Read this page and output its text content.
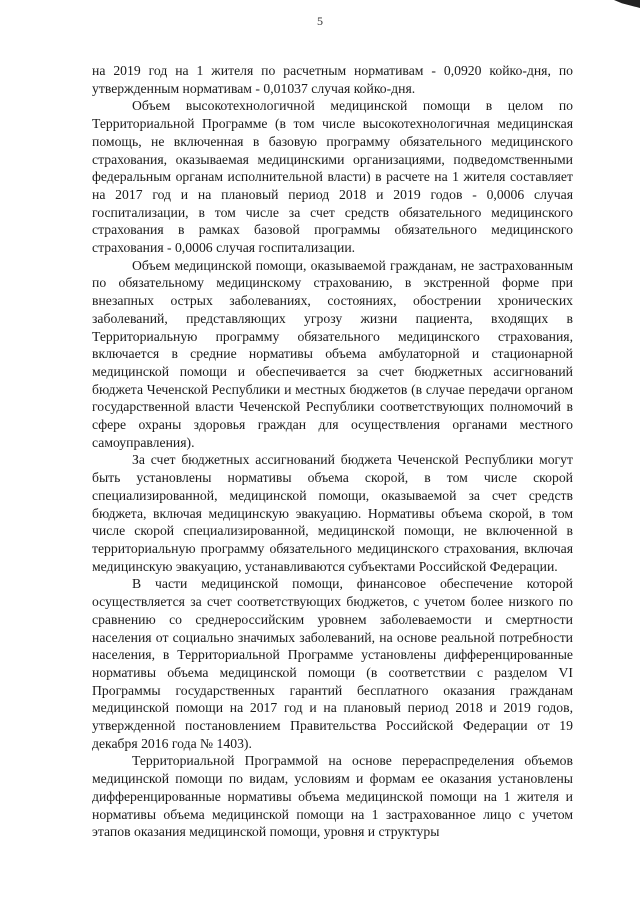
5

на 2019 год на 1 жителя по расчетным нормативам - 0,0920 койко-дня, по утвержденным нормативам - 0,01037 случая койко-дня.

Объем высокотехнологичной медицинской помощи в целом по Территориальной Программе (в том числе высокотехнологичная медицинская помощь, не включенная в базовую программу обязательного медицинского страхования, оказываемая медицинскими организациями, подведомственными федеральным органам исполнительной власти) в расчете на 1 жителя составляет на 2017 год и на плановый период 2018 и 2019 годов - 0,0006 случая госпитализации, в том числе за счет средств обязательного медицинского страхования в рамках базовой программы обязательного медицинского страхования - 0,0006 случая госпитализации.

Объем медицинской помощи, оказываемой гражданам, не застрахованным по обязательному медицинскому страхованию, в экстренной форме при внезапных острых заболеваниях, состояниях, обострении хронических заболеваний, представляющих угрозу жизни пациента, входящих в Территориальную программу обязательного медицинского страхования, включается в средние нормативы объема амбулаторной и стационарной медицинской помощи и обеспечивается за счет бюджетных ассигнований бюджета Чеченской Республики и местных бюджетов (в случае передачи органом государственной власти Чеченской Республики соответствующих полномочий в сфере охраны здоровья граждан для осуществления органами местного самоуправления).

За счет бюджетных ассигнований бюджета Чеченской Республики могут быть установлены нормативы объема скорой, в том числе скорой специализированной, медицинской помощи, оказываемой за счет средств бюджета, включая медицинскую эвакуацию. Нормативы объема скорой, в том числе скорой специализированной, медицинской помощи, не включенной в территориальную программу обязательного медицинского страхования, включая медицинскую эвакуацию, устанавливаются субъектами Российской Федерации.

В части медицинской помощи, финансовое обеспечение которой осуществляется за счет соответствующих бюджетов, с учетом более низкого по сравнению со среднероссийским уровнем заболеваемости и смертности населения от социально значимых заболеваний, на основе реальной потребности населения, в Территориальной Программе установлены дифференцированные нормативы объема медицинской помощи (в соответствии с разделом VI Программы государственных гарантий бесплатного оказания гражданам медицинской помощи на 2017 год и на плановый период 2018 и 2019 годов, утвержденной постановлением Правительства Российской Федерации от 19 декабря 2016 года № 1403).

Территориальной Программой на основе перераспределения объемов медицинской помощи по видам, условиям и формам ее оказания установлены дифференцированные нормативы объема медицинской помощи на 1 жителя и нормативы объема медицинской помощи на 1 застрахованное лицо с учетом этапов оказания медицинской помощи, уровня и структуры
